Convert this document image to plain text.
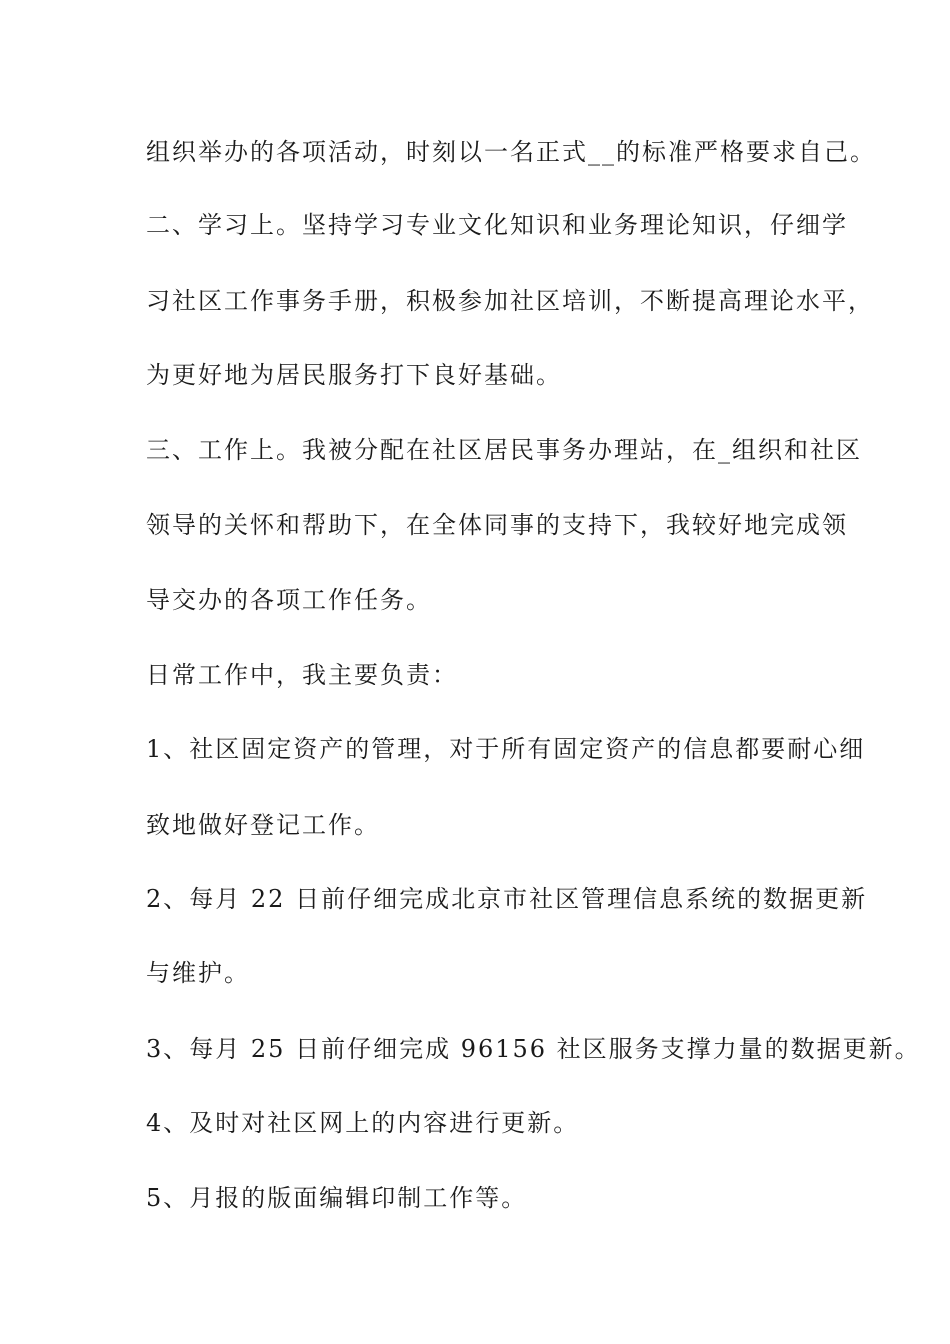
组织举办的各项活动，时刻以一名正式__的标准严格要求自己。
二、学习上。坚持学习专业文化知识和业务理论知识，仔细学
习社区工作事务手册，积极参加社区培训，不断提高理论水平，
为更好地为居民服务打下良好基础。
三、工作上。我被分配在社区居民事务办理站，在_组织和社区
领导的关怀和帮助下，在全体同事的支持下，我较好地完成领
导交办的各项工作任务。
日常工作中，我主要负责：
1、社区固定资产的管理，对于所有固定资产的信息都要耐心细
致地做好登记工作。
2、每月 22 日前仔细完成北京市社区管理信息系统的数据更新
与维护。
3、每月 25 日前仔细完成 96156 社区服务支撑力量的数据更新。
4、及时对社区网上的内容进行更新。
5、月报的版面编辑印制工作等。
